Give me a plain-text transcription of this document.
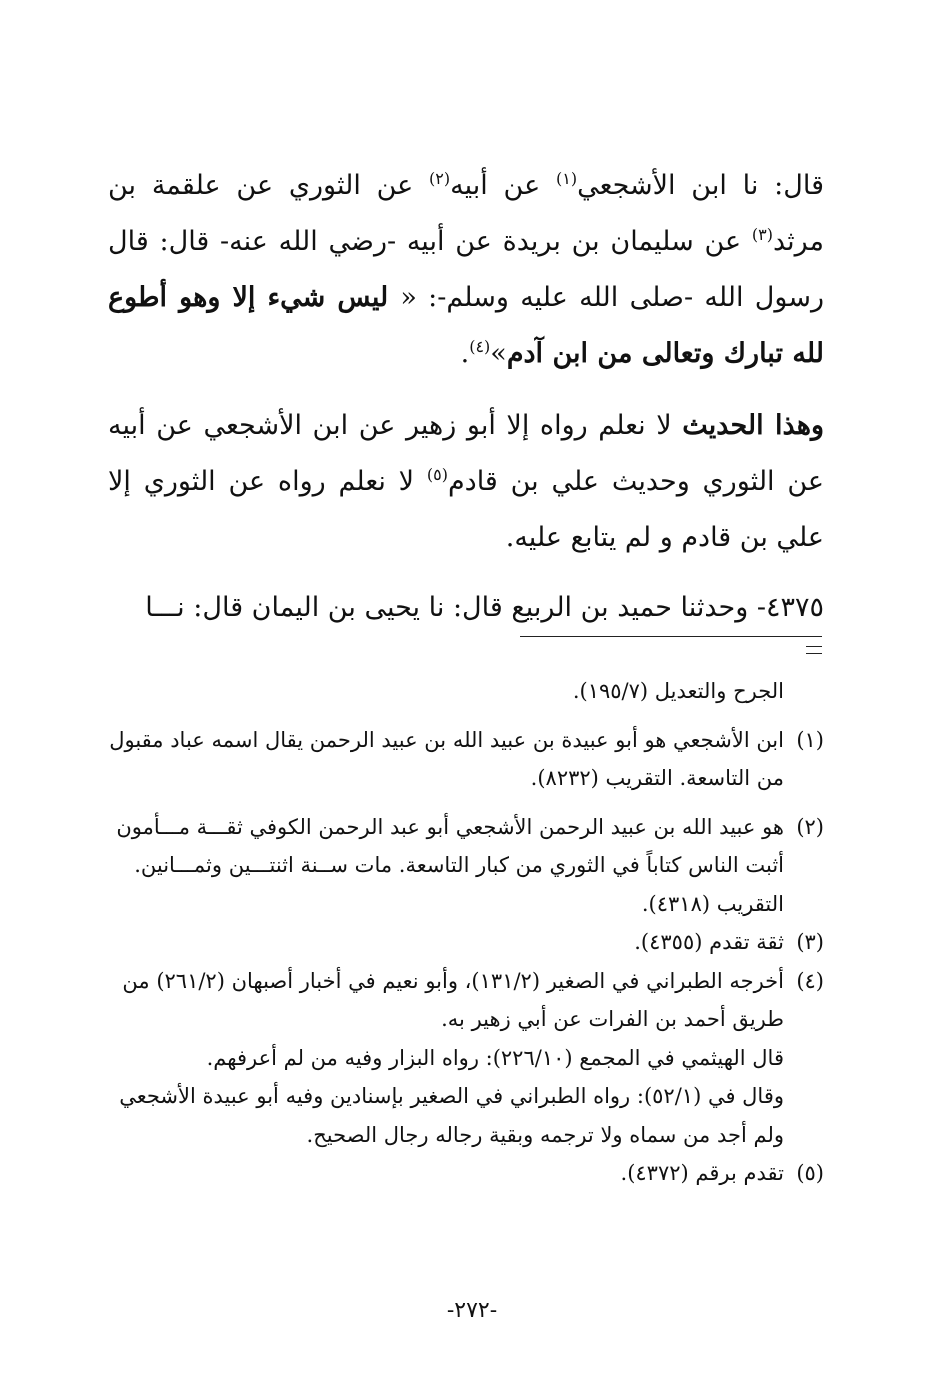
قال: نا ابن الأشجعي$^{(١)}$ عن أبيه$^{(٢)}$ عن الثوري عن علقمة بن مرثد$^{(٣)}$ عن سليمان بن بريدة عن أبيه -رضي الله عنه- قال: قال رسول الله -صلى الله عليه وسلم-: « ليس شيء إلا وهو أطوع لله تبارك وتعالى من ابن آدم»$^{(٤)}$.

وهذا الحديث لا نعلم رواه إلا أبو زهير عن ابن الأشجعي عن أبيه عن الثوري وحديث علي بن قادم$^{(٥)}$ لا نعلم رواه عن الثوري إلا علي بن قادم و لم يتابع عليه.

٤٣٧٥- وحدثنا حميد بن الربيع قال: نا يحيى بن اليمان قال: نـــا

الجرح والتعديل (١٩٥/٧).

(١)
ابن الأشجعي هو أبو عبيدة بن عبيد الله بن عبيد الرحمن يقال اسمه عباد مقبول من التاسعة. التقريب (٨٢٣٢).
(٢)
هو عبيد الله بن عبيد الرحمن الأشجعي أبو عبد الرحمن الكوفي ثقـــة مـــأمون أثبت الناس كتاباً في الثوري من كبار التاسعة. مات ســنة اثنتـــين وثمـــانين. التقريب (٤٣١٨).
(٣)
ثقة تقدم (٤٣٥٥).
(٤)
أخرجه الطبراني في الصغير (١٣١/٢)، وأبو نعيم في أخبار أصبهان (٢٦١/٢) من طريق أحمد بن الفرات عن أبي زهير به.

قال الهيثمي في المجمع (٢٢٦/١٠): رواه البزار وفيه من لم أعرفهم.

وقال في (٥٢/١): رواه الطبراني في الصغير بإسنادين وفيه أبو عبيدة الأشجعي ولم أجد من سماه ولا ترجمه وبقية رجاله رجال الصحيح.

(٥)
تقدم برقم (٤٣٧٢).
-٢٧٢-
